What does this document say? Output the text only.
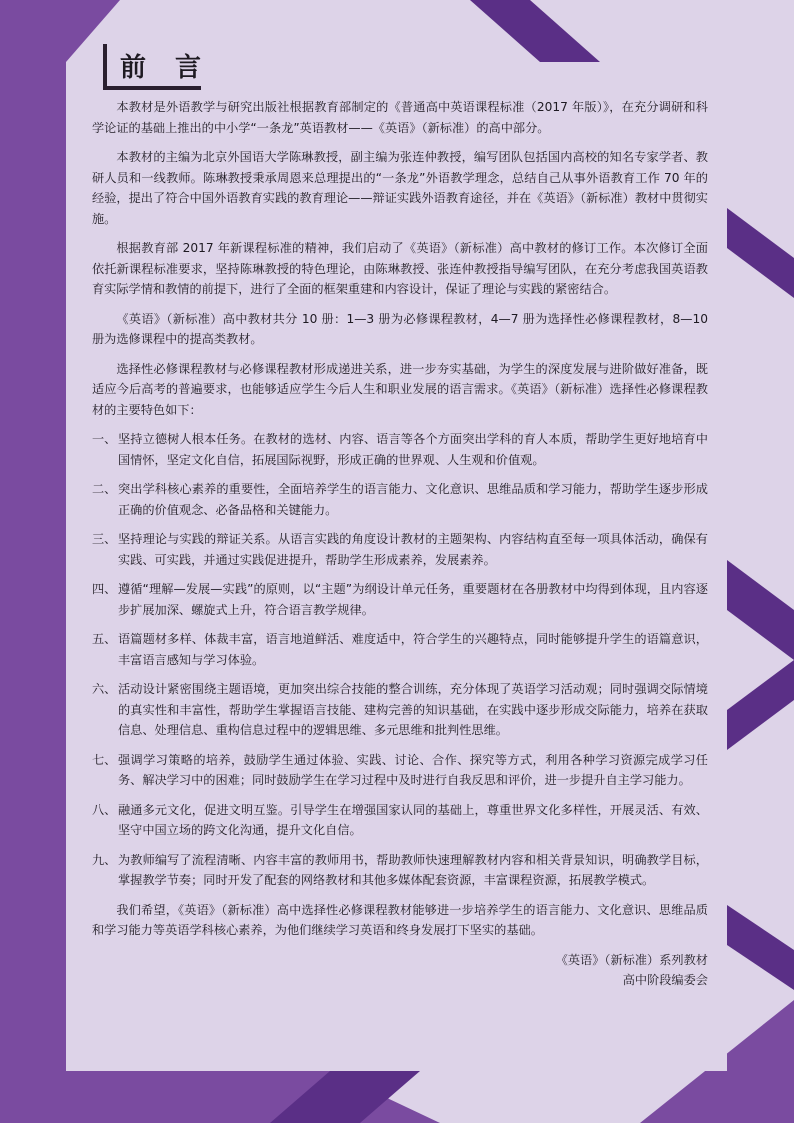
前 言

本教材是外语教学与研究出版社根据教育部制定的《普通高中英语课程标准（2017 年版）》，在充分调研和科学论证的基础上推出的中小学“一条龙”英语教材——《英语》（新标准）的高中部分。

本教材的主编为北京外国语大学陈琳教授，副主编为张连仲教授，编写团队包括国内高校的知名专家学者、教研人员和一线教师。陈琳教授秉承周恩来总理提出的“一条龙”外语教学理念，总结自己从事外语教育工作 70 年的经验，提出了符合中国外语教育实践的教育理论——辩证实践外语教育途径，并在《英语》（新标准）教材中贯彻实施。

根据教育部 2017 年新课程标准的精神，我们启动了《英语》（新标准）高中教材的修订工作。本次修订全面依托新课程标准要求，坚持陈琳教授的特色理论，由陈琳教授、张连仲教授指导编写团队，在充分考虑我国英语教育实际学情和教情的前提下，进行了全面的框架重建和内容设计，保证了理论与实践的紧密结合。

《英语》（新标准）高中教材共分 10 册：1—3 册为必修课程教材，4—7 册为选择性必修课程教材，8—10 册为选修课程中的提高类教材。

选择性必修课程教材与必修课程教材形成递进关系，进一步夯实基础，为学生的深度发展与进阶做好准备，既适应今后高考的普遍要求，也能够适应学生今后人生和职业发展的语言需求。《英语》（新标准）选择性必修课程教材的主要特色如下：

一、 坚持立德树人根本任务。在教材的选材、内容、语言等各个方面突出学科的育人本质，帮助学生更好地培育中国情怀，坚定文化自信，拓展国际视野，形成正确的世界观、人生观和价值观。
二、 突出学科核心素养的重要性，全面培养学生的语言能力、文化意识、思维品质和学习能力，帮助学生逐步形成正确的价值观念、必备品格和关键能力。
三、 坚持理论与实践的辩证关系。从语言实践的角度设计教材的主题架构、内容结构直至每一项具体活动，确保有实践、可实践，并通过实践促进提升，帮助学生形成素养，发展素养。
四、 遵循“理解—发展—实践”的原则，以“主题”为纲设计单元任务，重要题材在各册教材中均得到体现，且内容逐步扩展加深、螺旋式上升，符合语言教学规律。
五、 语篇题材多样、体裁丰富，语言地道鲜活、难度适中，符合学生的兴趣特点，同时能够提升学生的语篇意识，丰富语言感知与学习体验。
六、 活动设计紧密围绕主题语境，更加突出综合技能的整合训练，充分体现了英语学习活动观；同时强调交际情境的真实性和丰富性，帮助学生掌握语言技能、建构完善的知识基础，在实践中逐步形成交际能力，培养在获取信息、处理信息、重构信息过程中的逻辑思维、多元思维和批判性思维。
七、 强调学习策略的培养，鼓励学生通过体验、实践、讨论、合作、探究等方式，利用各种学习资源完成学习任务、解决学习中的困难；同时鼓励学生在学习过程中及时进行自我反思和评价，进一步提升自主学习能力。
八、 融通多元文化，促进文明互鉴。引导学生在增强国家认同的基础上，尊重世界文化多样性，开展灵活、有效、坚守中国立场的跨文化沟通，提升文化自信。
九、 为教师编写了流程清晰、内容丰富的教师用书，帮助教师快速理解教材内容和相关背景知识，明确教学目标，掌握教学节奏；同时开发了配套的网络教材和其他多媒体配套资源，丰富课程资源，拓展教学模式。

我们希望，《英语》（新标准）高中选择性必修课程教材能够进一步培养学生的语言能力、文化意识、思维品质和学习能力等英语学科核心素养，为他们继续学习英语和终身发展打下坚实的基础。

《英语》（新标准）系列教材
高中阶段编委会
